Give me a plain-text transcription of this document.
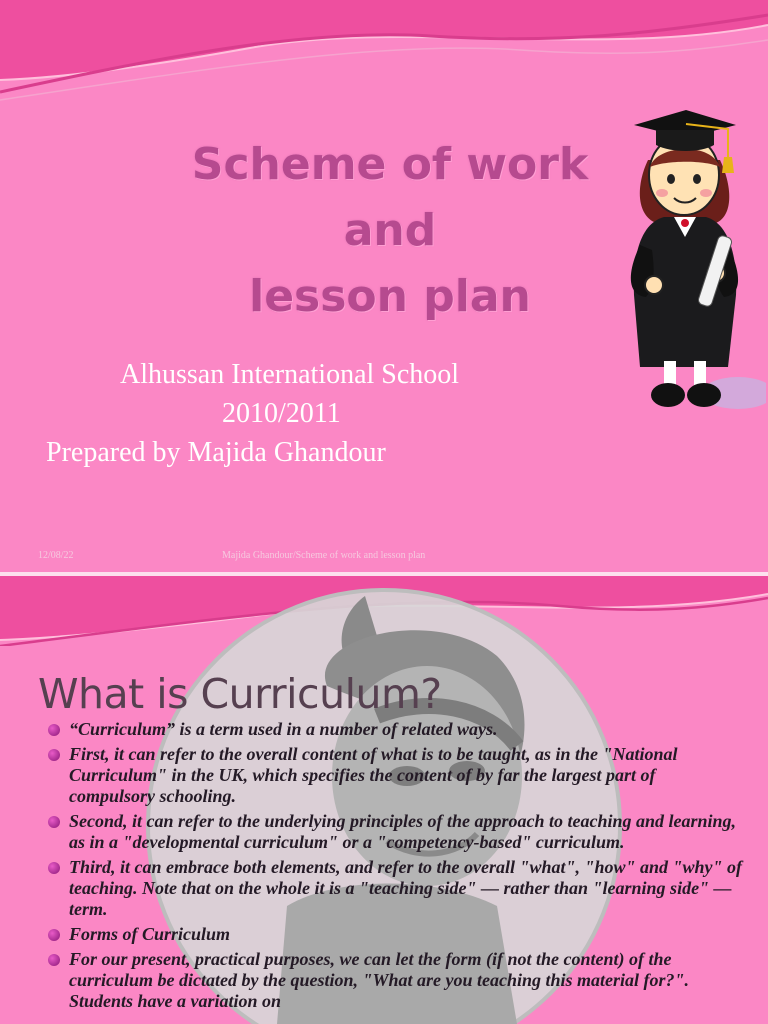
Scheme of work
and
lesson plan
Alhussan International School
2010/2011
Prepared by Majida Ghandour
12/08/22	Majida Ghandour/Scheme of work and lesson plan
What is Curriculum?
“Curriculum” is a term used in a number of related ways.
First, it can refer to the overall content of what is to be taught, as in the "National Curriculum" in the UK, which specifies the content of by far the largest part of compulsory schooling.
Second, it can refer to the underlying principles of the approach to teaching and learning, as in a "developmental curriculum" or a "competency-based" curriculum.
Third, it can embrace both elements, and refer to the overall "what", "how" and "why" of teaching. Note that on the whole it is a "teaching side" — rather than "learning side" — term.
Forms of Curriculum
For our present, practical purposes, we can let the form (if not the content) of the curriculum be dictated by the question, "What are you teaching this material for?". Students have a variation on
